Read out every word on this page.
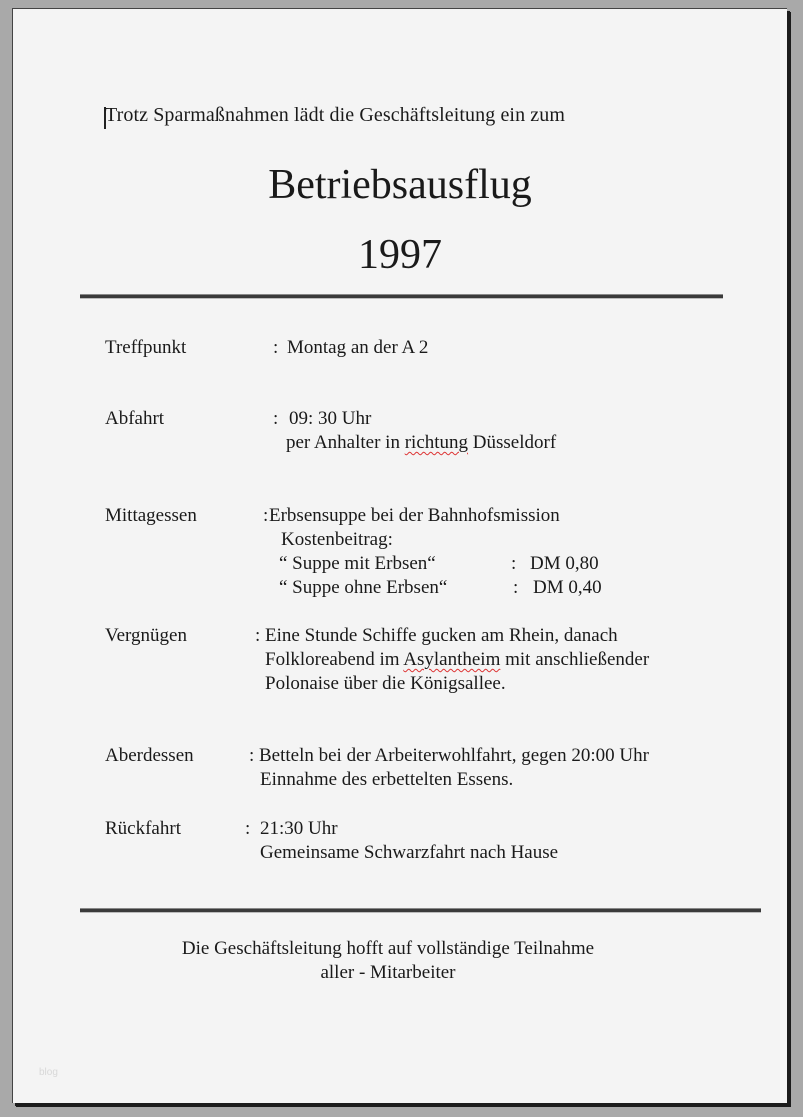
Trotz Sparmaßnahmen lädt die Geschäftsleitung ein zum
Betriebsausflug
1997
Treffpunkt	: Montag an der A 2
Abfahrt	: 09: 30 Uhr
per Anhalter in richtung Düsseldorf
Mittagessen	: Erbsensuppe bei der Bahnhofsmission
Kostenbeitrag:
“ Suppe mit Erbsen“	: DM 0,80
“ Suppe ohne Erbsen“	: DM 0,40
Vergnügen	: Eine Stunde Schiffe gucken am Rhein, danach
Folkloreabend im Asylantheim mit anschließender
Polonaise über die Königsallee.
Aberdessen	: Betteln bei der Arbeiterwohlfahrt, gegen 20:00 Uhr
Einnahme des erbettelten Essens.
Rückfahrt	: 21:30 Uhr
Gemeinsame Schwarzfahrt nach Hause
Die Geschäftsleitung hofft auf vollständige Teilnahme
aller - Mitarbeiter
blog
